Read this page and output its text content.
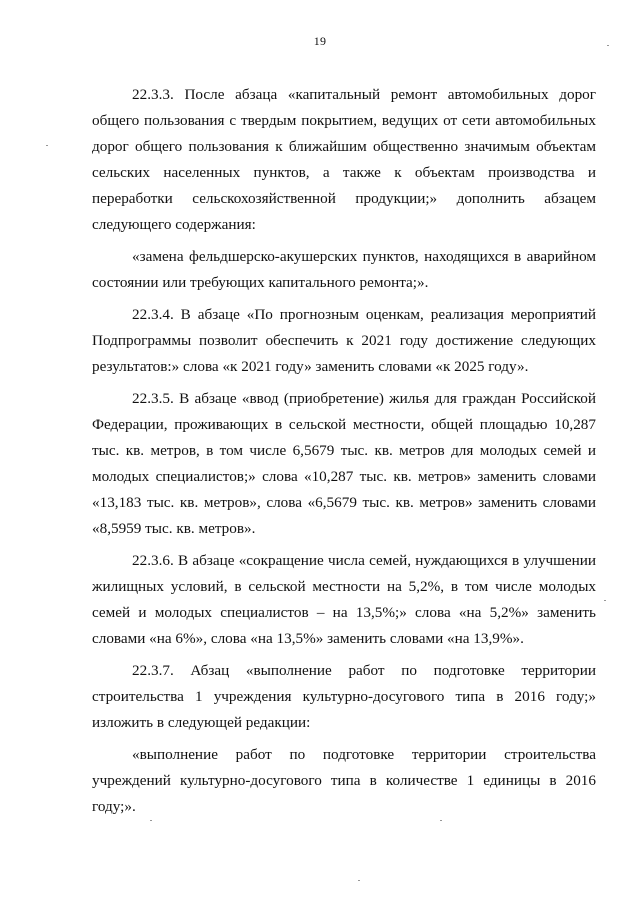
19

22.3.3. После абзаца «капитальный ремонт автомобильных дорог общего пользования с твердым покрытием, ведущих от сети автомобильных дорог общего пользования к ближайшим общественно значимым объектам сельских населенных пунктов, а также к объектам производства и переработки сельскохозяйственной продукции;» дополнить абзацем следующего содержания:

«замена фельдшерско-акушерских пунктов, находящихся в аварийном состоянии или требующих капитального ремонта;».

22.3.4. В абзаце «По прогнозным оценкам, реализация мероприятий Подпрограммы позволит обеспечить к 2021 году достижение следующих результатов:» слова «к 2021 году» заменить словами «к 2025 году».

22.3.5. В абзаце «ввод (приобретение) жилья для граждан Российской Федерации, проживающих в сельской местности, общей площадью 10,287 тыс. кв. метров, в том числе 6,5679 тыс. кв. метров для молодых семей и молодых специалистов;» слова «10,287 тыс. кв. метров» заменить словами «13,183 тыс. кв. метров», слова «6,5679 тыс. кв. метров» заменить словами «8,5959 тыс. кв. метров».

22.3.6. В абзаце «сокращение числа семей, нуждающихся в улучшении жилищных условий, в сельской местности на 5,2%, в том числе молодых семей и молодых специалистов – на 13,5%;» слова «на 5,2%» заменить словами «на 6%», слова «на 13,5%» заменить словами «на 13,9%».

22.3.7. Абзац «выполнение работ по подготовке территории строительства 1 учреждения культурно-досугового типа в 2016 году;» изложить в следующей редакции:

«выполнение работ по подготовке территории строительства учреждений культурно-досугового типа в количестве 1 единицы в 2016 году;».
